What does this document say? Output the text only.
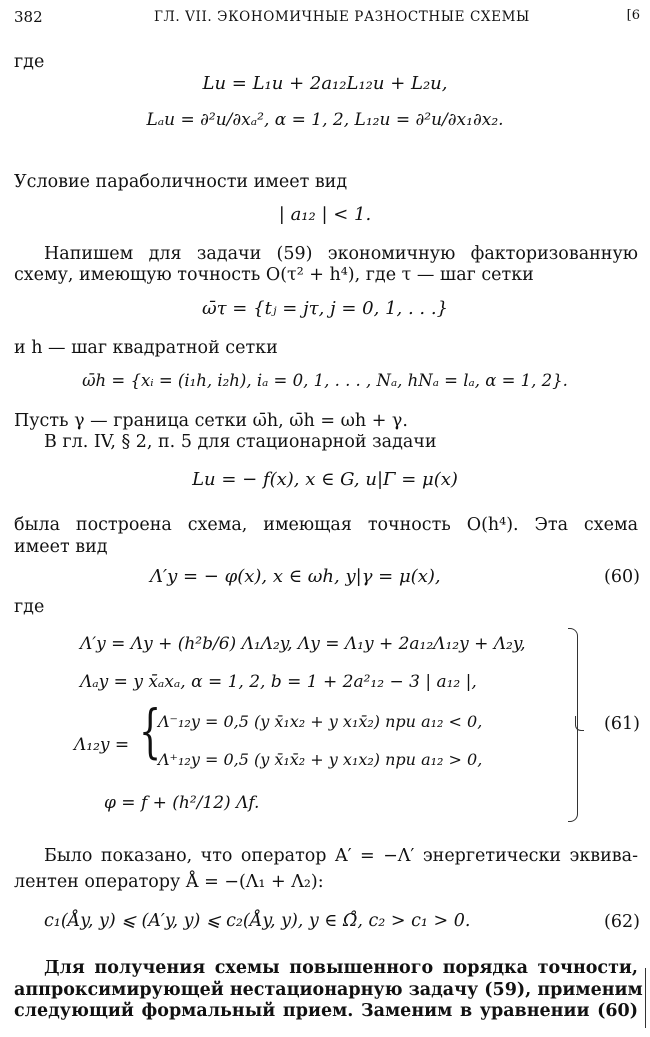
382	ГЛ. VII. ЭКОНОМИЧНЫЕ РАЗНОСТНЫЕ СХЕМЫ	[6
где
Lu = L₁u + 2a₁₂L₁₂u + L₂u,
Lₐu = ∂²u/∂xₐ², α = 1, 2, L₁₂u = ∂²u/∂x₁∂x₂.
Условие параболичности имеет вид
| a₁₂ | < 1.
Напишем для задачи (59) экономичную факторизованную
схему, имеющую точность O(τ² + h⁴), где τ — шаг сетки
ω̄τ = {tⱼ = jτ, j = 0, 1, . . .}
и h — шаг квадратной сетки
ω̄h = {xᵢ = (i₁h, i₂h), iₐ = 0, 1, . . . , Nₐ, hNₐ = lₐ, α = 1, 2}.
Пусть γ — граница сетки ω̄h, ω̄h = ωh + γ.
В гл. IV, § 2, п. 5 для стационарной задачи
Lu = − f(x), x ∈ G, u|Γ = μ(x)
была построена схема, имеющая точность O(h⁴). Эта схема
имеет вид
Λ′y = − φ(x), x ∈ ωh, y|γ = μ(x),	(60)
где
Λ′y = Λy + (h²b/6) Λ₁Λ₂y, Λy = Λ₁y + 2a₁₂Λ₁₂y + Λ₂y,
Λₐy = y x̄ₐxₐ, α = 1, 2, b = 1 + 2a²₁₂ − 3 | a₁₂ |,
Λ₁₂y = {
Λ⁻₁₂y = 0,5 (y x̄₁x₂ + y x₁x̄₂) при a₁₂ < 0,
Λ⁺₁₂y = 0,5 (y x̄₁x̄₂ + y x₁x₂) при a₁₂ > 0,
φ = f + (h²/12) Λf.
(61)
Было показано, что оператор A′ = −Λ′ энергетически эквива-
лентен оператору Å = −(Λ₁ + Λ₂):
c₁(Åy, y) ⩽ (A′y, y) ⩽ c₂(Åy, y), y ∈ Ω̊, c₂ > c₁ > 0.	(62)
Для получения схемы повышенного порядка точности,
аппроксимирующей нестационарную задачу (59), применим
следующий формальный прием. Заменим в уравнении (60)
